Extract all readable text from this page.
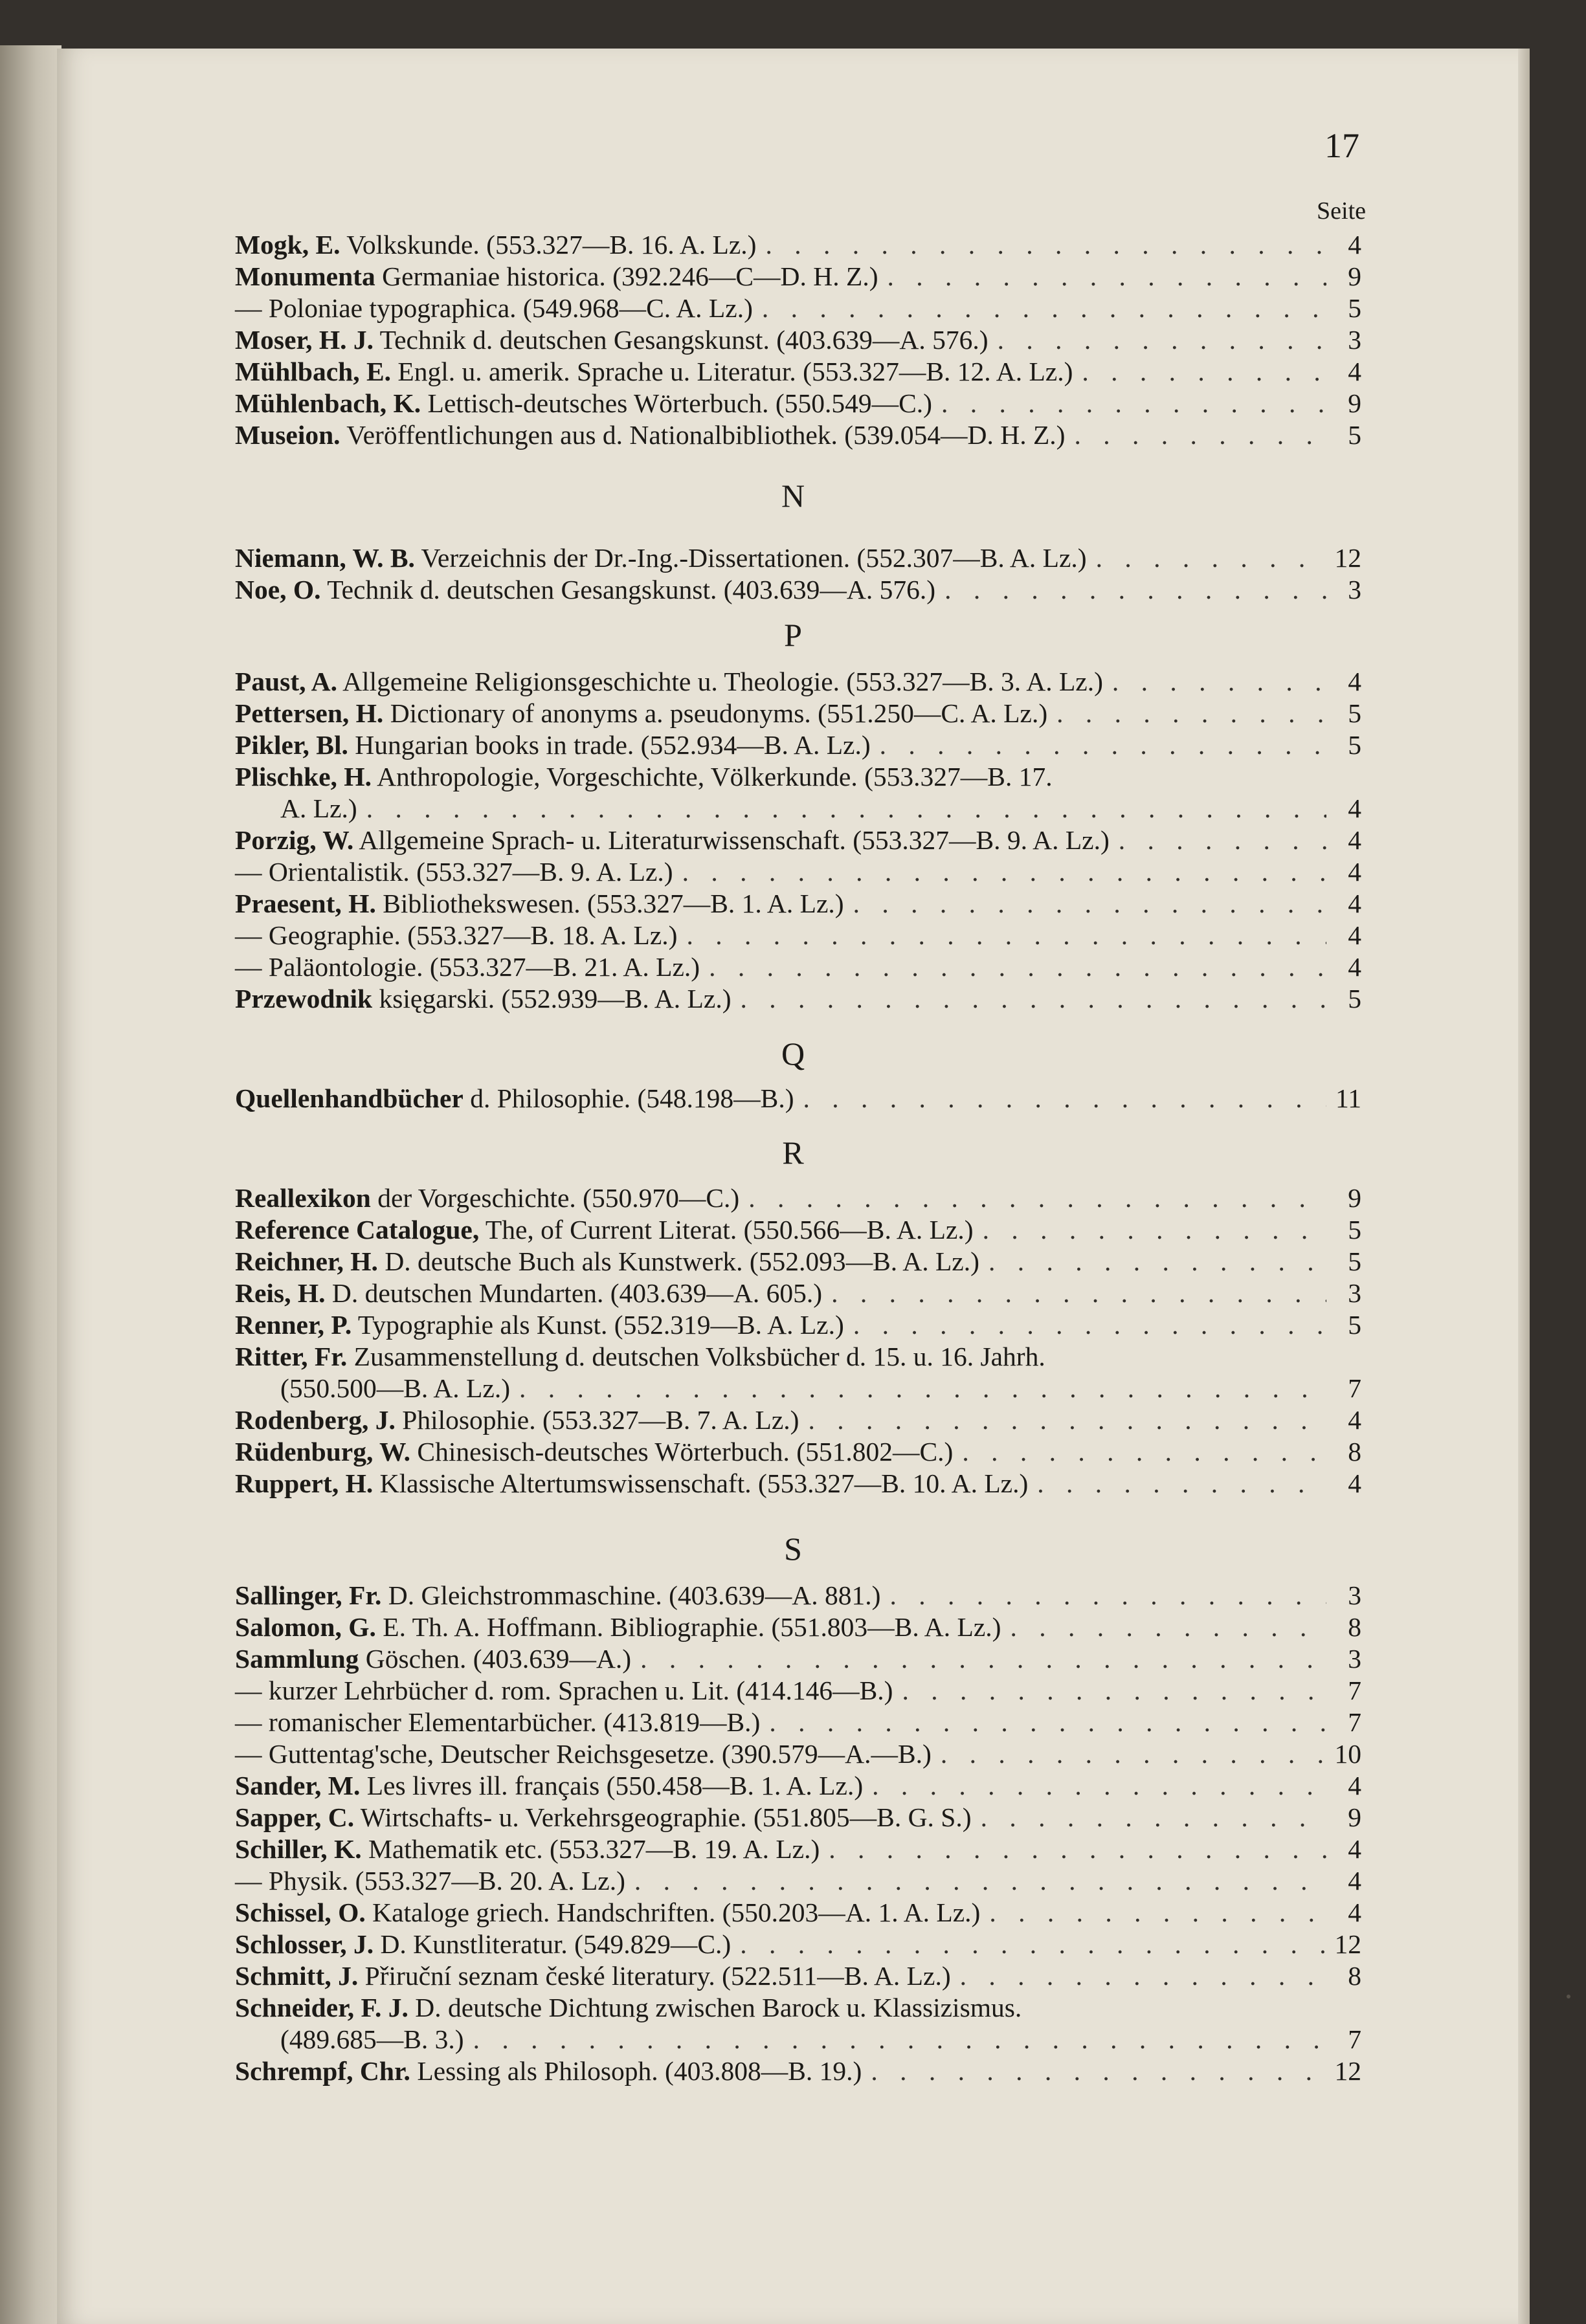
17
Seite
Mogk, E. Volkskunde. (553.327—B. 16. A. Lz.) . . .	4
Monumenta Germaniae historica. (392.246—C—D. H. Z.) . . .	9
— Poloniae typographica. (549.968—C. A. Lz.) . . .	5
Moser, H. J. Technik d. deutschen Gesangskunst. (403.639—A. 576.) . . .	3
Mühlbach, E. Engl. u. amerik. Sprache u. Literatur. (553.327—B. 12. A. Lz.) . . .	4
Mühlenbach, K. Lettisch-deutsches Wörterbuch. (550.549—C.) . . .	9
Museion. Veröffentlichungen aus d. Nationalbibliothek. (539.054—D. H. Z.) . . .	5
N
Niemann, W. B. Verzeichnis der Dr.-Ing.-Dissertationen. (552.307—B. A. Lz.) . . .	12
Noe, O. Technik d. deutschen Gesangskunst. (403.639—A. 576.) . . .	3
P
Paust, A. Allgemeine Religionsgeschichte u. Theologie. (553.327—B. 3. A. Lz.) . . .	4
Pettersen, H. Dictionary of anonyms a. pseudonyms. (551.250—C. A. Lz.) . . .	5
Pikler, Bl. Hungarian books in trade. (552.934—B. A. Lz.) . . .	5
Plischke, H. Anthropologie, Vorgeschichte, Völkerkunde. (553.327—B. 17.
A. Lz.) . . .	4
Porzig, W. Allgemeine Sprach- u. Literaturwissenschaft. (553.327—B. 9. A. Lz.) . . .	4
— Orientalistik. (553.327—B. 9. A. Lz.) . . .	4
Praesent, H. Bibliothekswesen. (553.327—B. 1. A. Lz.) . . .	4
— Geographie. (553.327—B. 18. A. Lz.) . . .	4
— Paläontologie. (553.327—B. 21. A. Lz.) . . .	4
Przewodnik księgarski. (552.939—B. A. Lz.) . . .	5
Q
Quellenhandbücher d. Philosophie. (548.198—B.) . . .	11
R
Reallexikon der Vorgeschichte. (550.970—C.) . . .	9
Reference Catalogue, The, of Current Literat. (550.566—B. A. Lz.) . . .	5
Reichner, H. D. deutsche Buch als Kunstwerk. (552.093—B. A. Lz.) . . .	5
Reis, H. D. deutschen Mundarten. (403.639—A. 605.) . . .	3
Renner, P. Typographie als Kunst. (552.319—B. A. Lz.) . . .	5
Ritter, Fr. Zusammenstellung d. deutschen Volksbücher d. 15. u. 16. Jahrh.
(550.500—B. A. Lz.) . . .	7
Rodenberg, J. Philosophie. (553.327—B. 7. A. Lz.) . . .	4
Rüdenburg, W. Chinesisch-deutsches Wörterbuch. (551.802—C.) . . .	8
Ruppert, H. Klassische Altertumswissenschaft. (553.327—B. 10. A. Lz.) . . .	4
S
Sallinger, Fr. D. Gleichstrommaschine. (403.639—A. 881.) . . .	3
Salomon, G. E. Th. A. Hoffmann. Bibliographie. (551.803—B. A. Lz.) . . .	8
Sammlung Göschen. (403.639—A.) . . .	3
— kurzer Lehrbücher d. rom. Sprachen u. Lit. (414.146—B.) . . .	7
— romanischer Elementarbücher. (413.819—B.) . . .	7
— Guttentag'sche, Deutscher Reichsgesetze. (390.579—A.—B.) . . .	10
Sander, M. Les livres ill. français (550.458—B. 1. A. Lz.) . . .	4
Sapper, C. Wirtschafts- u. Verkehrsgeographie. (551.805—B. G. S.) . . .	9
Schiller, K. Mathematik etc. (553.327—B. 19. A. Lz.) . . .	4
— Physik. (553.327—B. 20. A. Lz.) . . .	4
Schissel, O. Kataloge griech. Handschriften. (550.203—A. 1. A. Lz.) . . .	4
Schlosser, J. D. Kunstliteratur. (549.829—C.) . . .	12
Schmitt, J. Přiruční seznam české literatury. (522.511—B. A. Lz.) . . .	8
Schneider, F. J. D. deutsche Dichtung zwischen Barock u. Klassizismus.
(489.685—B. 3.) . . .	7
Schrempf, Chr. Lessing als Philosoph. (403.808—B. 19.) . . .	12
